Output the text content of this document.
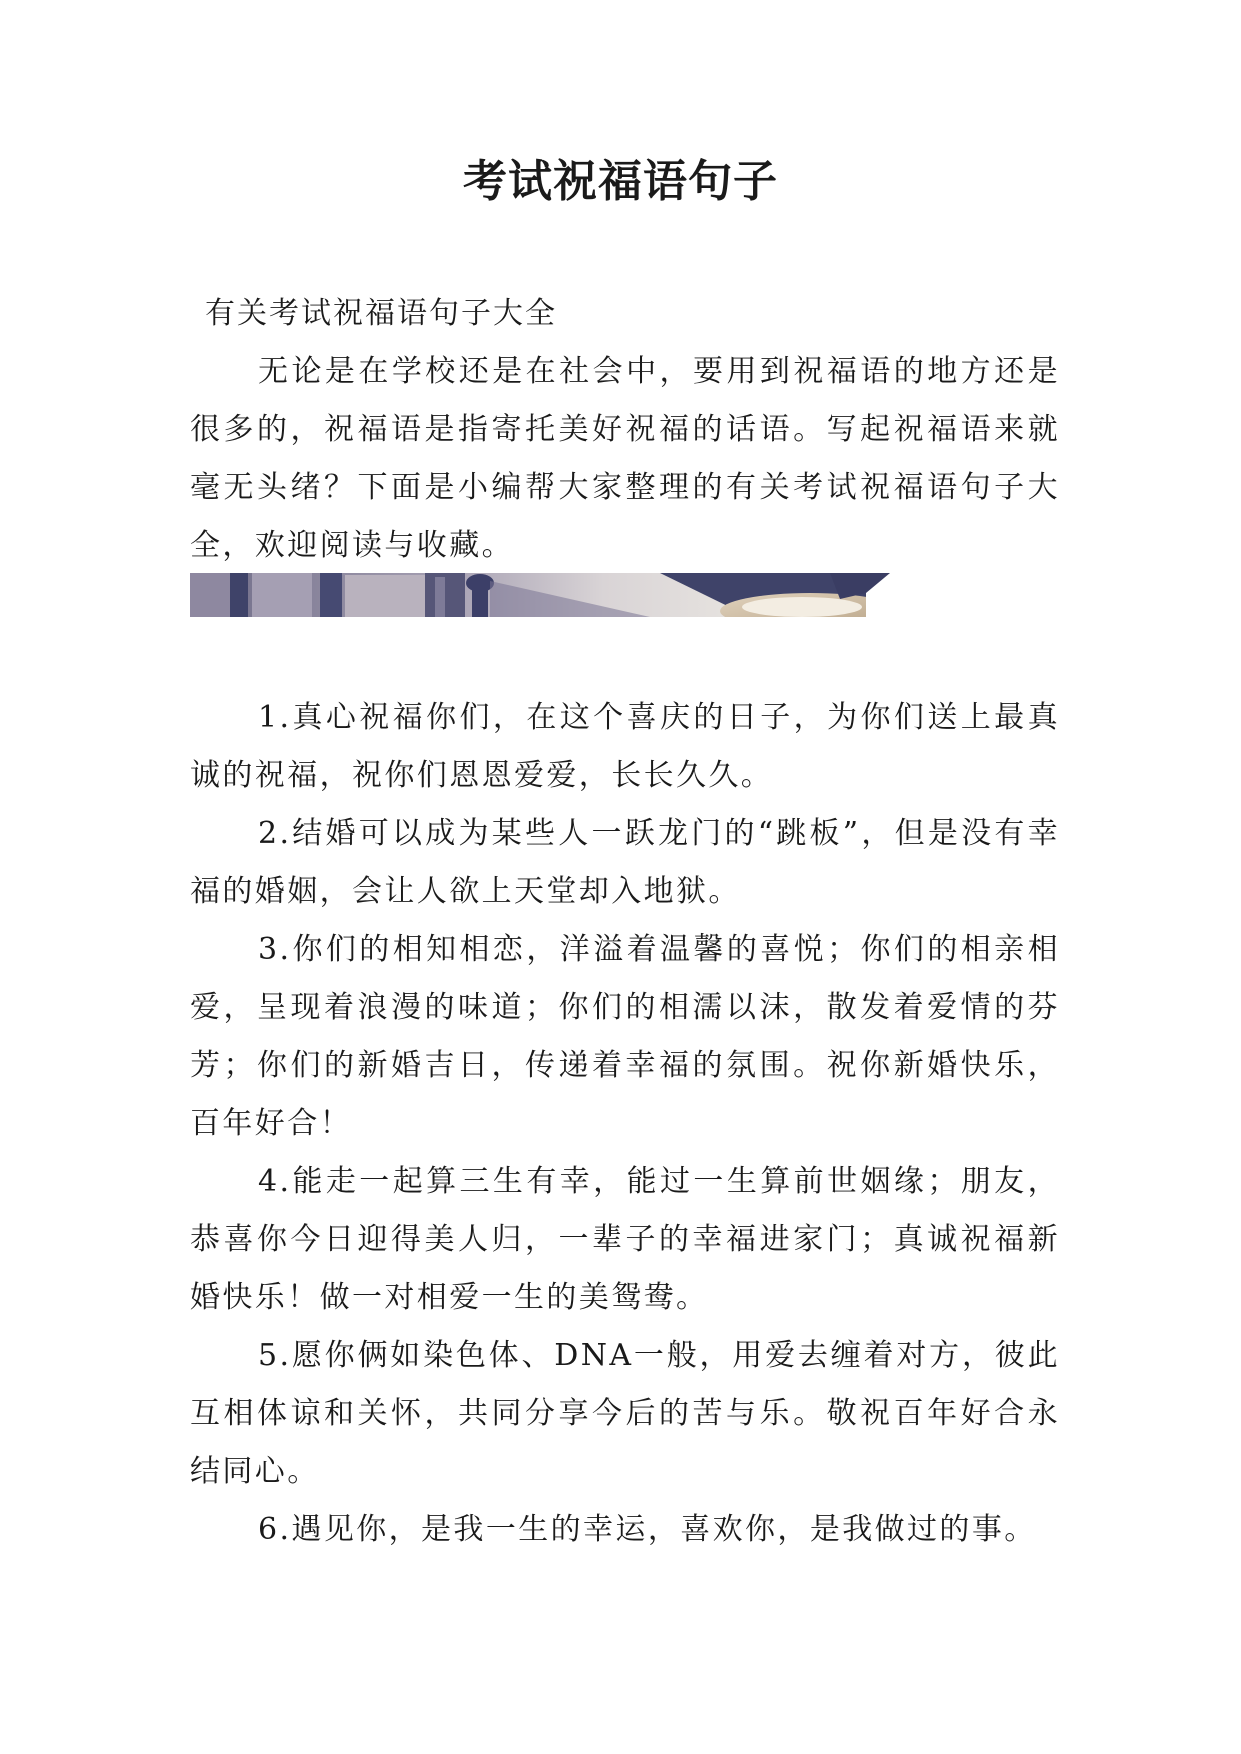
考试祝福语句子
有关考试祝福语句子大全

无论是在学校还是在社会中，要用到祝福语的地方还是很多的，祝福语是指寄托美好祝福的话语。写起祝福语来就毫无头绪？下面是小编帮大家整理的有关考试祝福语句子大全，欢迎阅读与收藏。

1.真心祝福你们，在这个喜庆的日子，为你们送上最真诚的祝福，祝你们恩恩爱爱，长长久久。
2.结婚可以成为某些人一跃龙门的“跳板”，但是没有幸福的婚姻，会让人欲上天堂却入地狱。
3.你们的相知相恋，洋溢着温馨的喜悦；你们的相亲相爱，呈现着浪漫的味道；你们的相濡以沫，散发着爱情的芬芳；你们的新婚吉日，传递着幸福的氛围。祝你新婚快乐，百年好合！
4.能走一起算三生有幸，能过一生算前世姻缘；朋友，恭喜你今日迎得美人归，一辈子的幸福进家门；真诚祝福新婚快乐！做一对相爱一生的美鸳鸯。
5.愿你俩如染色体、DNA一般，用爱去缠着对方，彼此互相体谅和关怀，共同分享今后的苦与乐。敬祝百年好合永结同心。
6.遇见你，是我一生的幸运，喜欢你，是我做过的事。
